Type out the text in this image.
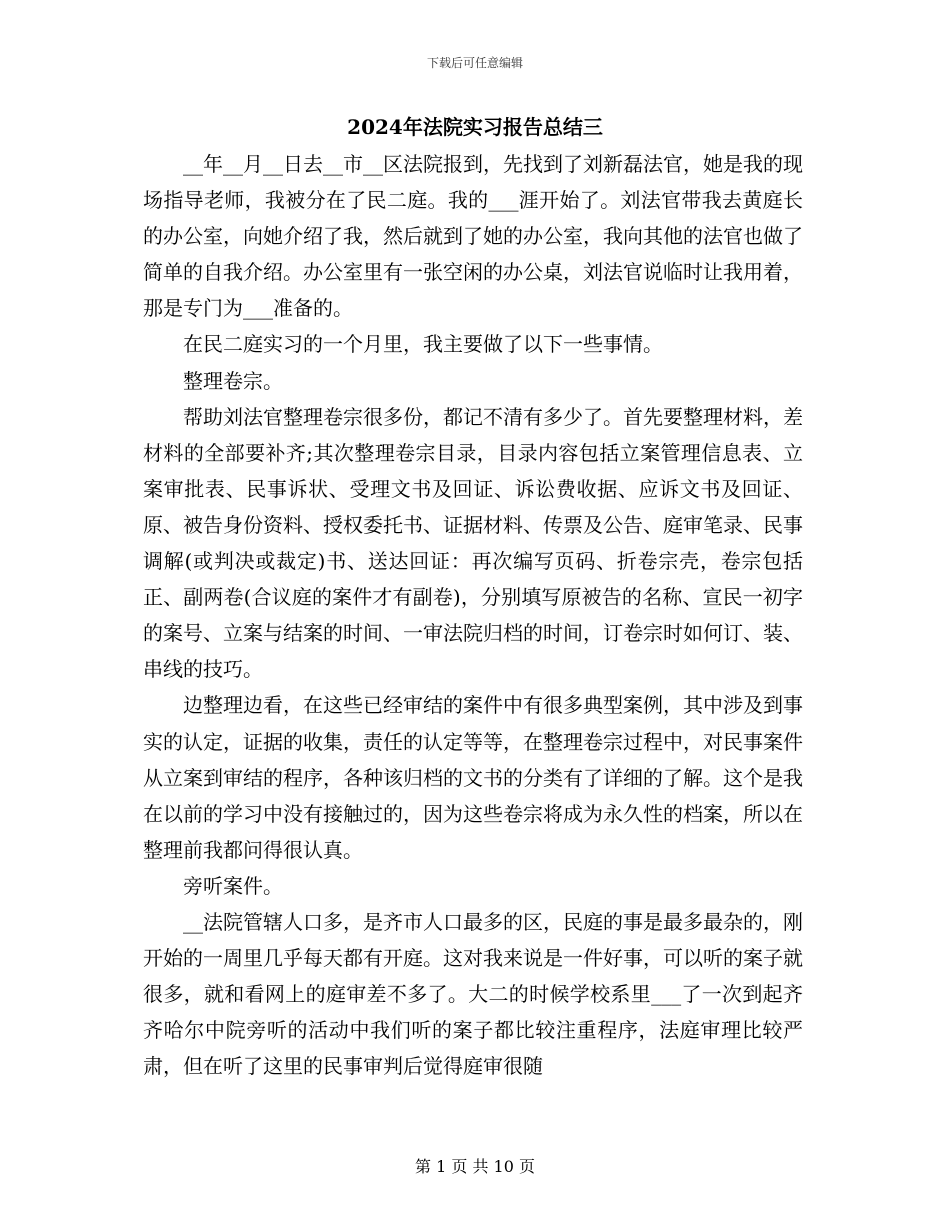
下载后可任意编辑
2024年法院实习报告总结三

__年__月__日去__市__区法院报到，先找到了刘新磊法官，她是我的现场指导老师，我被分在了民二庭。我的___涯开始了。刘法官带我去黄庭长的办公室，向她介绍了我，然后就到了她的办公室，我向其他的法官也做了简单的自我介绍。办公室里有一张空闲的办公桌，刘法官说临时让我用着，那是专门为___准备的。

在民二庭实习的一个月里，我主要做了以下一些事情。

整理卷宗。

帮助刘法官整理卷宗很多份，都记不清有多少了。首先要整理材料，差材料的全部要补齐;其次整理卷宗目录，目录内容包括立案管理信息表、立案审批表、民事诉状、受理文书及回证、诉讼费收据、应诉文书及回证、原、被告身份资料、授权委托书、证据材料、传票及公告、庭审笔录、民事调解(或判决或裁定)书、送达回证：再次编写页码、折卷宗壳，卷宗包括正、副两卷(合议庭的案件才有副卷)，分别填写原被告的名称、宣民一初字的案号、立案与结案的时间、一审法院归档的时间，订卷宗时如何订、装、串线的技巧。

边整理边看，在这些已经审结的案件中有很多典型案例，其中涉及到事实的认定，证据的收集，责任的认定等等，在整理卷宗过程中，对民事案件从立案到审结的程序，各种该归档的文书的分类有了详细的了解。这个是我在以前的学习中没有接触过的，因为这些卷宗将成为永久性的档案，所以在整理前我都问得很认真。

旁听案件。

__法院管辖人口多，是齐市人口最多的区，民庭的事是最多最杂的，刚开始的一周里几乎每天都有开庭。这对我来说是一件好事，可以听的案子就很多，就和看网上的庭审差不多了。大二的时候学校系里___了一次到起齐齐哈尔中院旁听的活动中我们听的案子都比较注重程序，法庭审理比较严肃，但在听了这里的民事审判后觉得庭审很随

第 1 页 共 10 页
